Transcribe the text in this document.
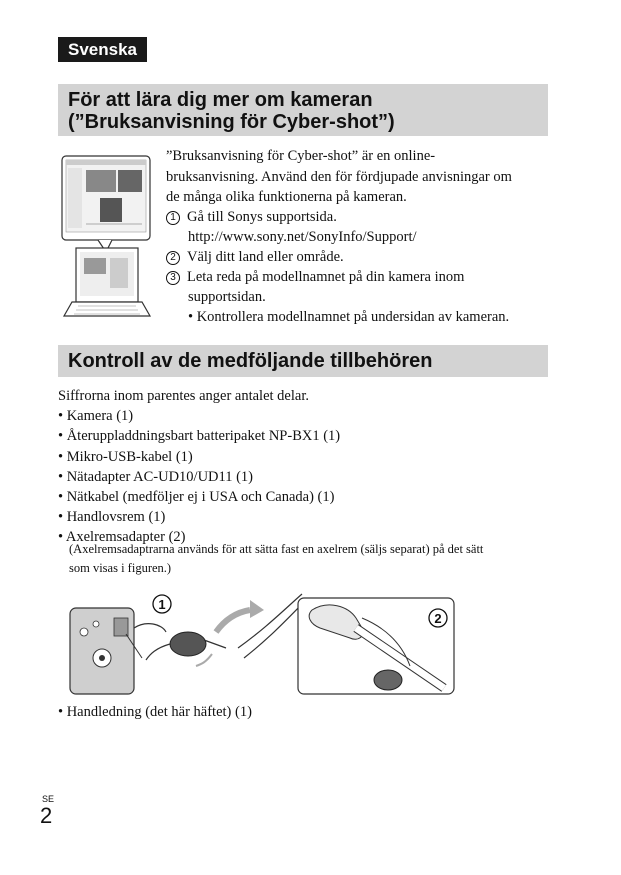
Svenska
För att lära dig mer om kameran
(”Bruksanvisning för Cyber-shot”)
”Bruksanvisning för Cyber-shot” är en online-
bruksanvisning. Använd den för fördjupade anvisningar om
de många olika funktionerna på kameran.
1 Gå till Sonys supportsida.
http://www.sony.net/SonyInfo/Support/
2 Välj ditt land eller område.
3 Leta reda på modellnamnet på din kamera inom
supportsidan.
• Kontrollera modellnamnet på undersidan av kameran.
Kontroll av de medföljande tillbehören
Siffrorna inom parentes anger antalet delar.
• Kamera (1)
• Återuppladdningsbart batteripaket NP-BX1 (1)
• Mikro-USB-kabel (1)
• Nätadapter AC-UD10/UD11 (1)
• Nätkabel (medföljer ej i USA och Canada) (1)
• Handlovsrem (1)
• Axelremsadapter (2)
(Axelremsadaptrarna används för att sätta fast en axelrem (säljs separat) på det sätt
som visas i figuren.)
1
2
• Handledning (det här häftet) (1)
SE
2
